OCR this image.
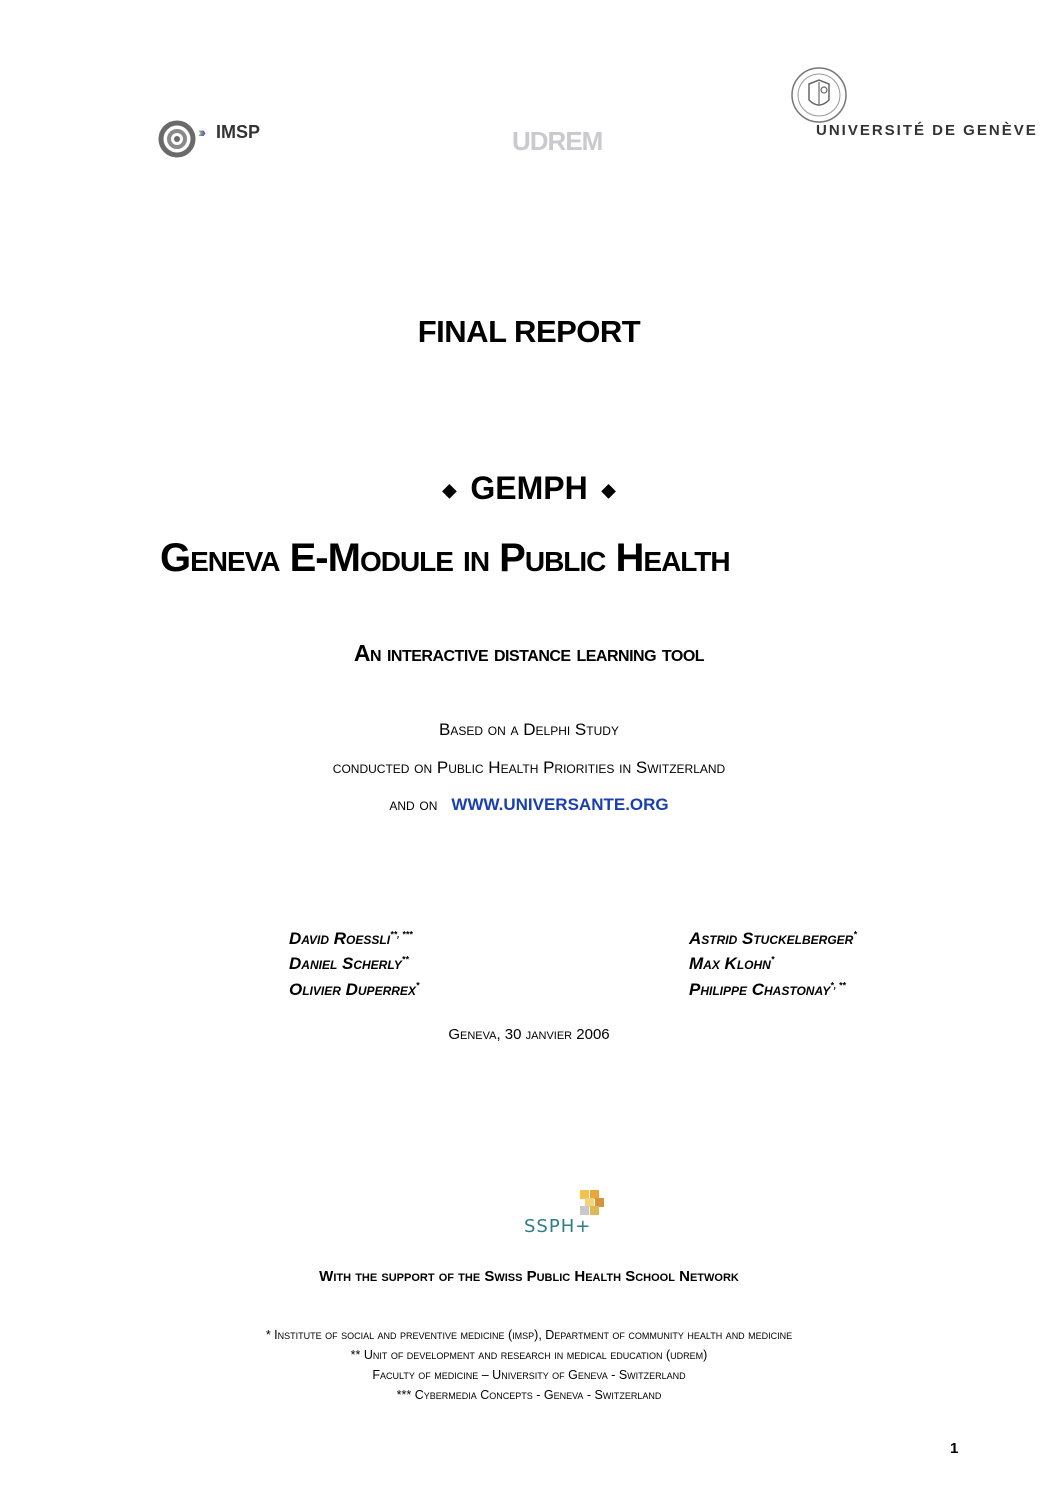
››› IMSP	UDREM	UNIVERSITÉ DE GENÈVE
FINAL REPORT
◆ GEMPH ◆
Geneva E-Module in Public Health
An interactive distance learning tool
Based on a Delphi Study
conducted on Public Health Priorities in Switzerland
and on WWW.UNIVERSANTE.ORG
David Roessli**, ***
Daniel Scherly**
Olivier Duperrex*
Astrid Stuckelberger*
Max Klohn*
Philippe Chastonay*, **
Geneva, 30 janvier 2006
SSPH+
With the support of the Swiss Public Health School Network
* Institute of social and preventive medicine (imsp), Department of community health and medicine
** Unit of development and research in medical education (udrem)
Faculty of medicine – University of Geneva - Switzerland
*** Cybermedia Concepts - Geneva - Switzerland
1
